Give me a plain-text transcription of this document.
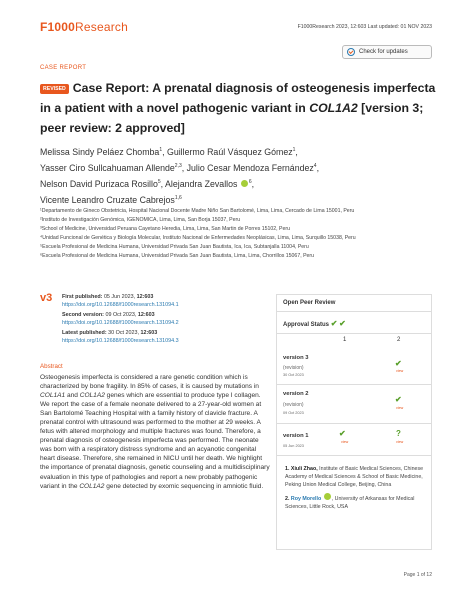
F1000Research	F1000Research 2023, 12:603 Last updated: 01 NOV 2023
Check for updates
CASE REPORT
REVISED Case Report: A prenatal diagnosis of osteogenesis imperfecta in a patient with a novel pathogenic variant in COL1A2 [version 3; peer review: 2 approved]
Melissa Sindy Peláez Chomba$^1$, Guillermo Raúl Vásquez Gómez$^1$,
Yasser Ciro Sullcahuaman Allende$^{2,3}$, Julio Cesar Mendoza Fernández$^4$,
Nelson David Purizaca Rosillo$^5$, Alejandra Zevallos $^6$,
Vicente Leandro Cruzate Cabrejos$^{1,6}$

¹Departamento de Gineco Obstetricia, Hospital Nacional Docente Madre Niño San Bartolomé, Lima, Lima, Cercado de Lima 15001, Peru

²Instituto de Investigación Genómica, IGENOMICA, Lima, Lima, San Borja 15037, Peru

³School of Medicine, Universidad Peruana Cayetano Heredia, Lima, Lima, San Martin de Porres 15102, Peru

⁴Unidad Funcional de Genética y Biología Molecular, Instituto Nacional de Enfermedades Neoplásicas, Lima, Lima, Surquillo 15038, Peru

⁵Escuela Profesional de Medicina Humana, Universidad Privada San Juan Bautista, Ica, Ica, Subtanjalla 11004, Peru

⁶Escuela Profesional de Medicina Humana, Universidad Privada San Juan Bautista, Lima, Lima, Chorrillos 15067, Peru

v3 First published: 05 Jun 2023, 12:603
https://doi.org/10.12688/f1000research.131094.1
Second version: 09 Oct 2023, 12:603
https://doi.org/10.12688/f1000research.131094.2
Latest published: 30 Oct 2023, 12:603
https://doi.org/10.12688/f1000research.131094.3
Open Peer Review
Approval Status ✔ ✔
1	2
version 3
(revision)
30 Oct 2023
✔
view
version 2
(revision)
09 Oct 2023
✔
view
version 1
05 Jun 2023
✔
view
?
view
1. Xiuli Zhao, Institute of Basic Medical Sciences, Chinese Academy of Medical Sciences & School of Basic Medicine, Peking Union Medical College, Beijing, China
2. Roy Morello , University of Arkansas for Medical Sciences, Little Rock, USA
Abstract
Osteogenesis imperfecta is considered a rare genetic condition which is characterized by bone fragility. In 85% of cases, it is caused by mutations in COL1A1 and COL1A2 genes which are essential to produce type I collagen. We report the case of a female neonate delivered to a 27-year-old women at San Bartolomé Teaching Hospital with a family history of clavicle fracture. A prenatal control with ultrasound was performed to the mother at 29 weeks. A fetus with altered morphology and multiple fractures was found. Therefore, a prenatal diagnosis of osteogenesis imperfecta was performed. The neonate was born with a respiratory distress syndrome and an acyanotic congenital heart disease. Therefore, she remained in NICU until her death. We highlight the importance of prenatal diagnosis, genetic counseling and a multidisciplinary evaluation in this type of pathologies and report a new probably pathogenic variant in the COL1A2 gene detected by exomic sequencing in amniotic fluid.
Page 1 of 12
